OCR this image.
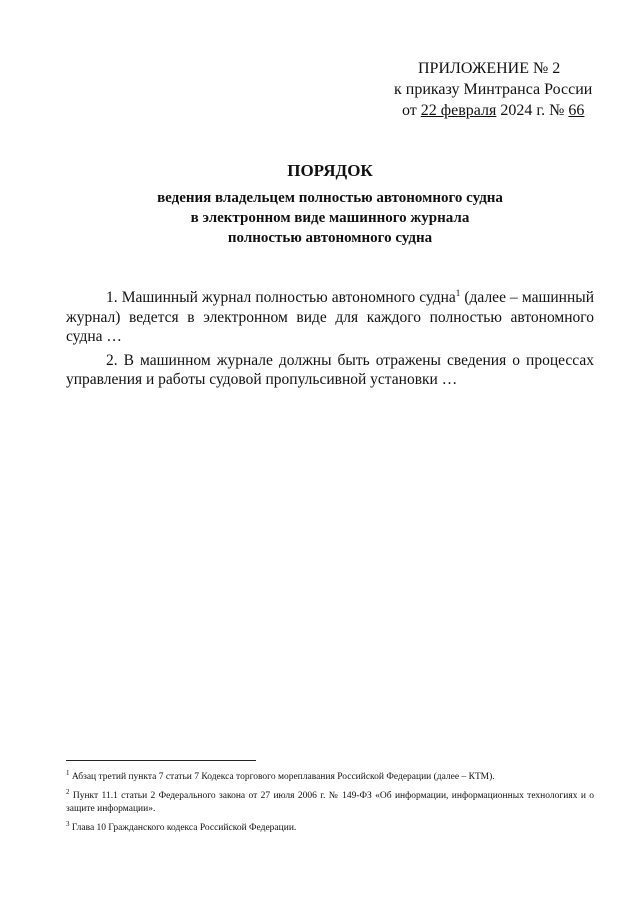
ПРИЛОЖЕНИЕ № 2
к приказу Минтранса России
от 22 февраля 2024 г. № 66
ПОРЯДОК
ведения владельцем полностью автономного судна
в электронном виде машинного журнала
полностью автономного судна

1. Машинный журнал полностью автономного судна$^1$ (далее – машинный журнал) ведется в электронном виде для каждого полностью автономного судна …

2. В машинном журнале должны быть отражены сведения о процессах управления и работы судовой пропульсивной установки …

$^1$ Абзац третий пункта 7 статьи 7 Кодекса торгового мореплавания Российской Федерации (далее – КТМ).

$^2$ Пункт 11.1 статьи 2 Федерального закона от 27 июля 2006 г. № 149-ФЗ «Об информации, информационных технологиях и о защите информации».

$^3$ Глава 10 Гражданского кодекса Российской Федерации.
